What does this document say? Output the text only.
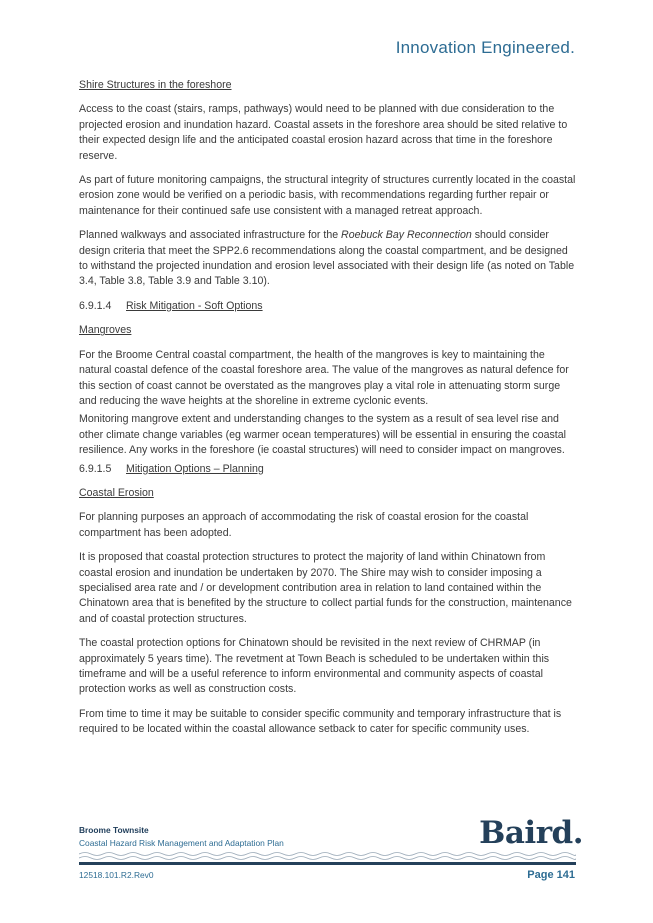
Innovation Engineered.

Shire Structures in the foreshore

Access to the coast (stairs, ramps, pathways) would need to be planned with due consideration to the projected erosion and inundation hazard. Coastal assets in the foreshore area should be sited relative to their expected design life and the anticipated coastal erosion hazard across that time in the foreshore reserve.

As part of future monitoring campaigns, the structural integrity of structures currently located in the coastal erosion zone would be verified on a periodic basis, with recommendations regarding further repair or maintenance for their continued safe use consistent with a managed retreat approach.

Planned walkways and associated infrastructure for the Roebuck Bay Reconnection should consider design criteria that meet the SPP2.6 recommendations along the coastal compartment, and be designed to withstand the projected inundation and erosion level associated with their design life (as noted on Table 3.4, Table 3.8, Table 3.9 and Table 3.10).

6.9.1.4	Risk Mitigation - Soft Options

Mangroves

For the Broome Central coastal compartment, the health of the mangroves is key to maintaining the natural coastal defence of the coastal foreshore area. The value of the mangroves as natural defence for this section of coast cannot be overstated as the mangroves play a vital role in attenuating storm surge and reducing the wave heights at the shoreline in extreme cyclonic events.

Monitoring mangrove extent and understanding changes to the system as a result of sea level rise and other climate change variables (eg warmer ocean temperatures) will be essential in ensuring the coastal resilience. Any works in the foreshore (ie coastal structures) will need to consider impact on mangroves.

6.9.1.5	Mitigation Options – Planning

Coastal Erosion

For planning purposes an approach of accommodating the risk of coastal erosion for the coastal compartment has been adopted.

It is proposed that coastal protection structures to protect the majority of land within Chinatown from coastal erosion and inundation be undertaken by 2070. The Shire may wish to consider imposing a specialised area rate and / or development contribution area in relation to land contained within the Chinatown area that is benefited by the structure to collect partial funds for the construction, maintenance and of coastal protection structures.

The coastal protection options for Chinatown should be revisited in the next review of CHRMAP (in approximately 5 years time). The revetment at Town Beach is scheduled to be undertaken within this timeframe and will be a useful reference to inform environmental and community aspects of coastal protection works as well as construction costs.

From time to time it may be suitable to consider specific community and temporary infrastructure that is required to be located within the coastal allowance setback to cater for specific community uses.

Broome Townsite
Coastal Hazard Risk Management and Adaptation Plan	Baird.
12518.101.R2.Rev0	Page 141
